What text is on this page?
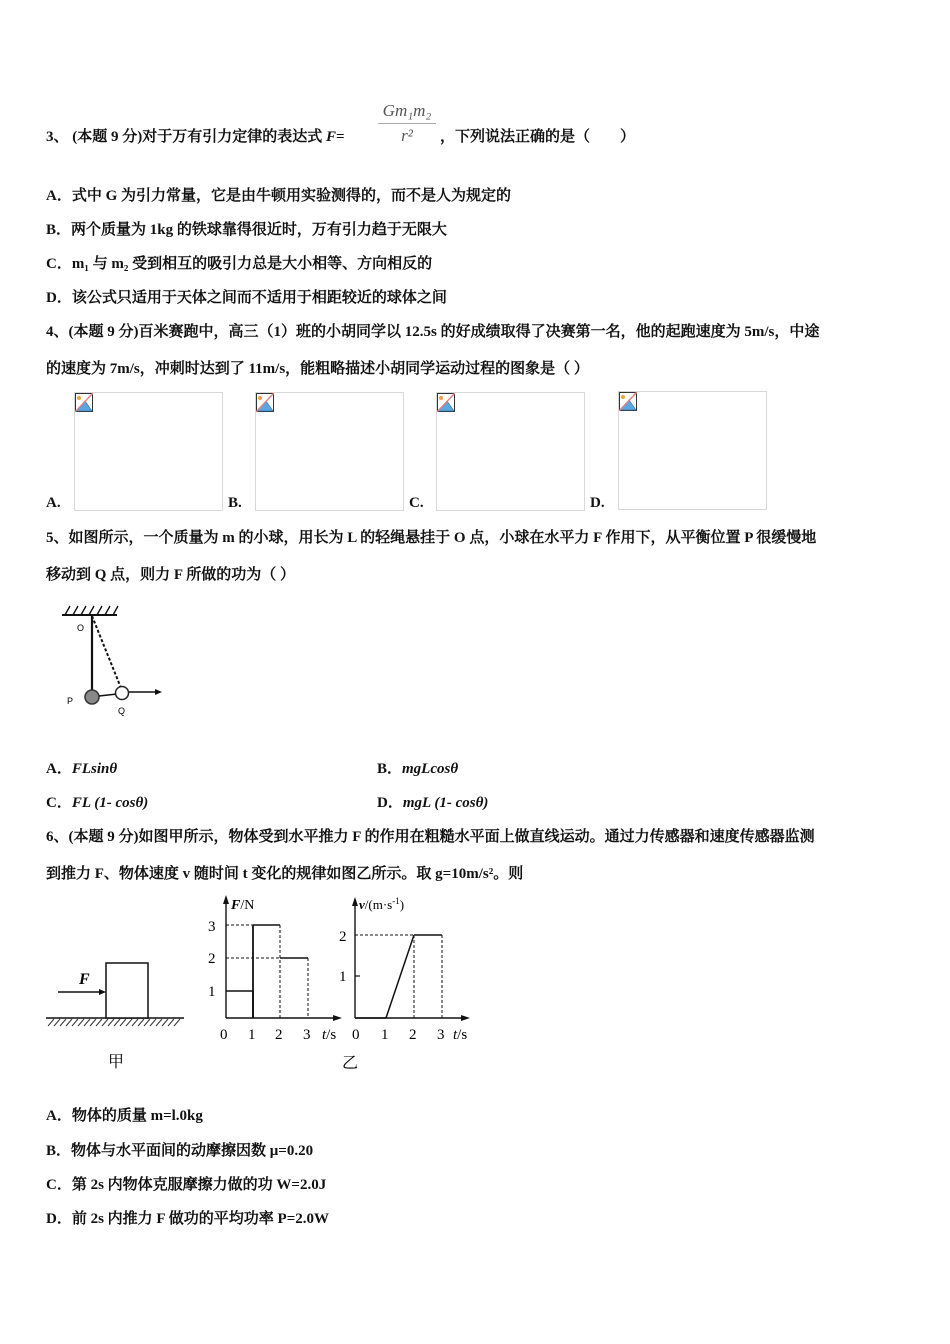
3、 (本题 9 分)对于万有引力定律的表达式 F=
Gm₁m₂
r²	，下列说法正确的是（　　）
A．式中 G 为引力常量，它是由牛顿用实验测得的，而不是人为规定的
B．两个质量为 1kg 的铁球靠得很近时，万有引力趋于无限大
C．m₁ 与 m₂ 受到相互的吸引力总是大小相等、方向相反的
D．该公式只适用于天体之间而不适用于相距较近的球体之间
4、(本题 9 分)百米赛跑中，高三（1）班的小胡同学以 12.5s 的好成绩取得了决赛第一名，他的起跑速度为 5m/s，中途
的速度为 7m/s，冲刺时达到了 11m/s，能粗略描述小胡同学运动过程的图象是（ ）
A.	B.	C.	D.
5、如图所示，一个质量为 m 的小球，用长为 L 的轻绳悬挂于 O 点，小球在水平力 F 作用下，从平衡位置 P 很缓慢地
移动到 Q 点，则力 F 所做的功为（ ）
O
P
Q
A．FLsinθ	B．mgLcosθ
C．FL (1- cosθ)	D．mgL (1- cosθ)
6、(本题 9 分)如图甲所示，物体受到水平推力 F 的作用在粗糙水平面上做直线运动。通过力传感器和速度传感器监测
到推力 F、物体速度 v 随时间 t 变化的规律如图乙所示。取 g=10m/s²。则
F
甲
F/N
3
2
1
0 1 2 3 t/s
$v/(m\cdot s^{-1})$
2
1
0 1 2 3 t/s
乙
A．物体的质量 m=l.0kg
B．物体与水平面间的动摩擦因数 μ=0.20
C．第 2s 内物体克服摩擦力做的功 W=2.0J
D．前 2s 内推力 F 做功的平均功率 P=2.0W
